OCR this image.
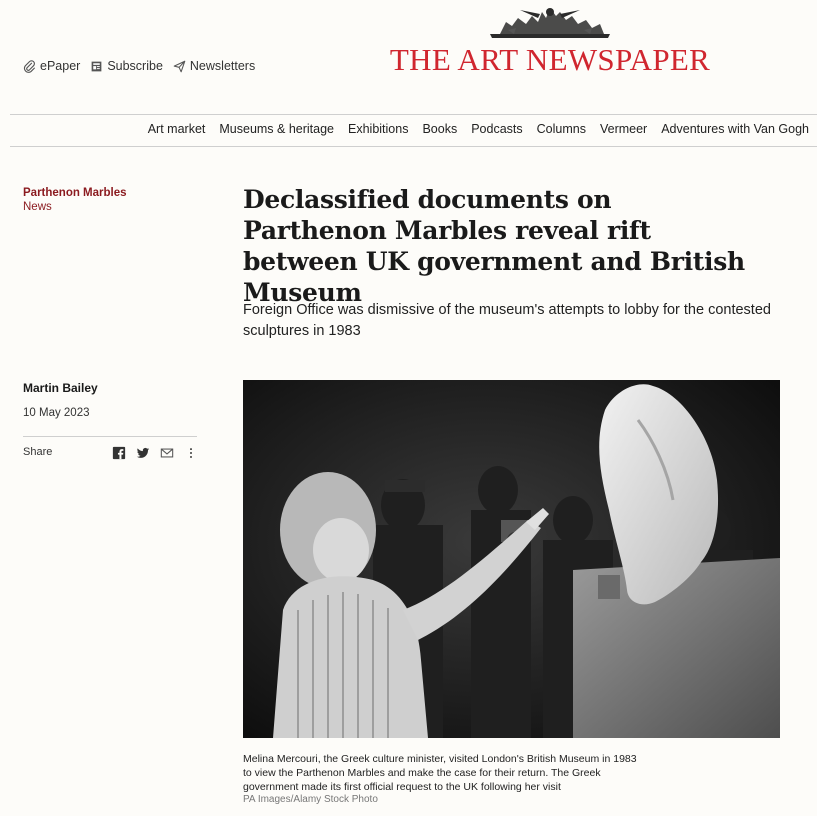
ePaper Subscribe Newsletters	THE ART NEWSPAPER
Art market Museums & heritage Exhibitions Books Podcasts Columns Vermeer Adventures with Van Gogh
Parthenon Marbles
News	Declassified documents on Parthenon Marbles reveal rift between UK government and British Museum

Foreign Office was dismissive of the museum's attempts to lobby for the contested sculptures in 1983

Martin Bailey
10 May 2023
Share

Melina Mercouri, the Greek culture minister, visited London's British Museum in 1983 to view the Parthenon Marbles and make the case for their return. The Greek government made its first official request to the UK following her visit

PA Images/Alamy Stock Photo
